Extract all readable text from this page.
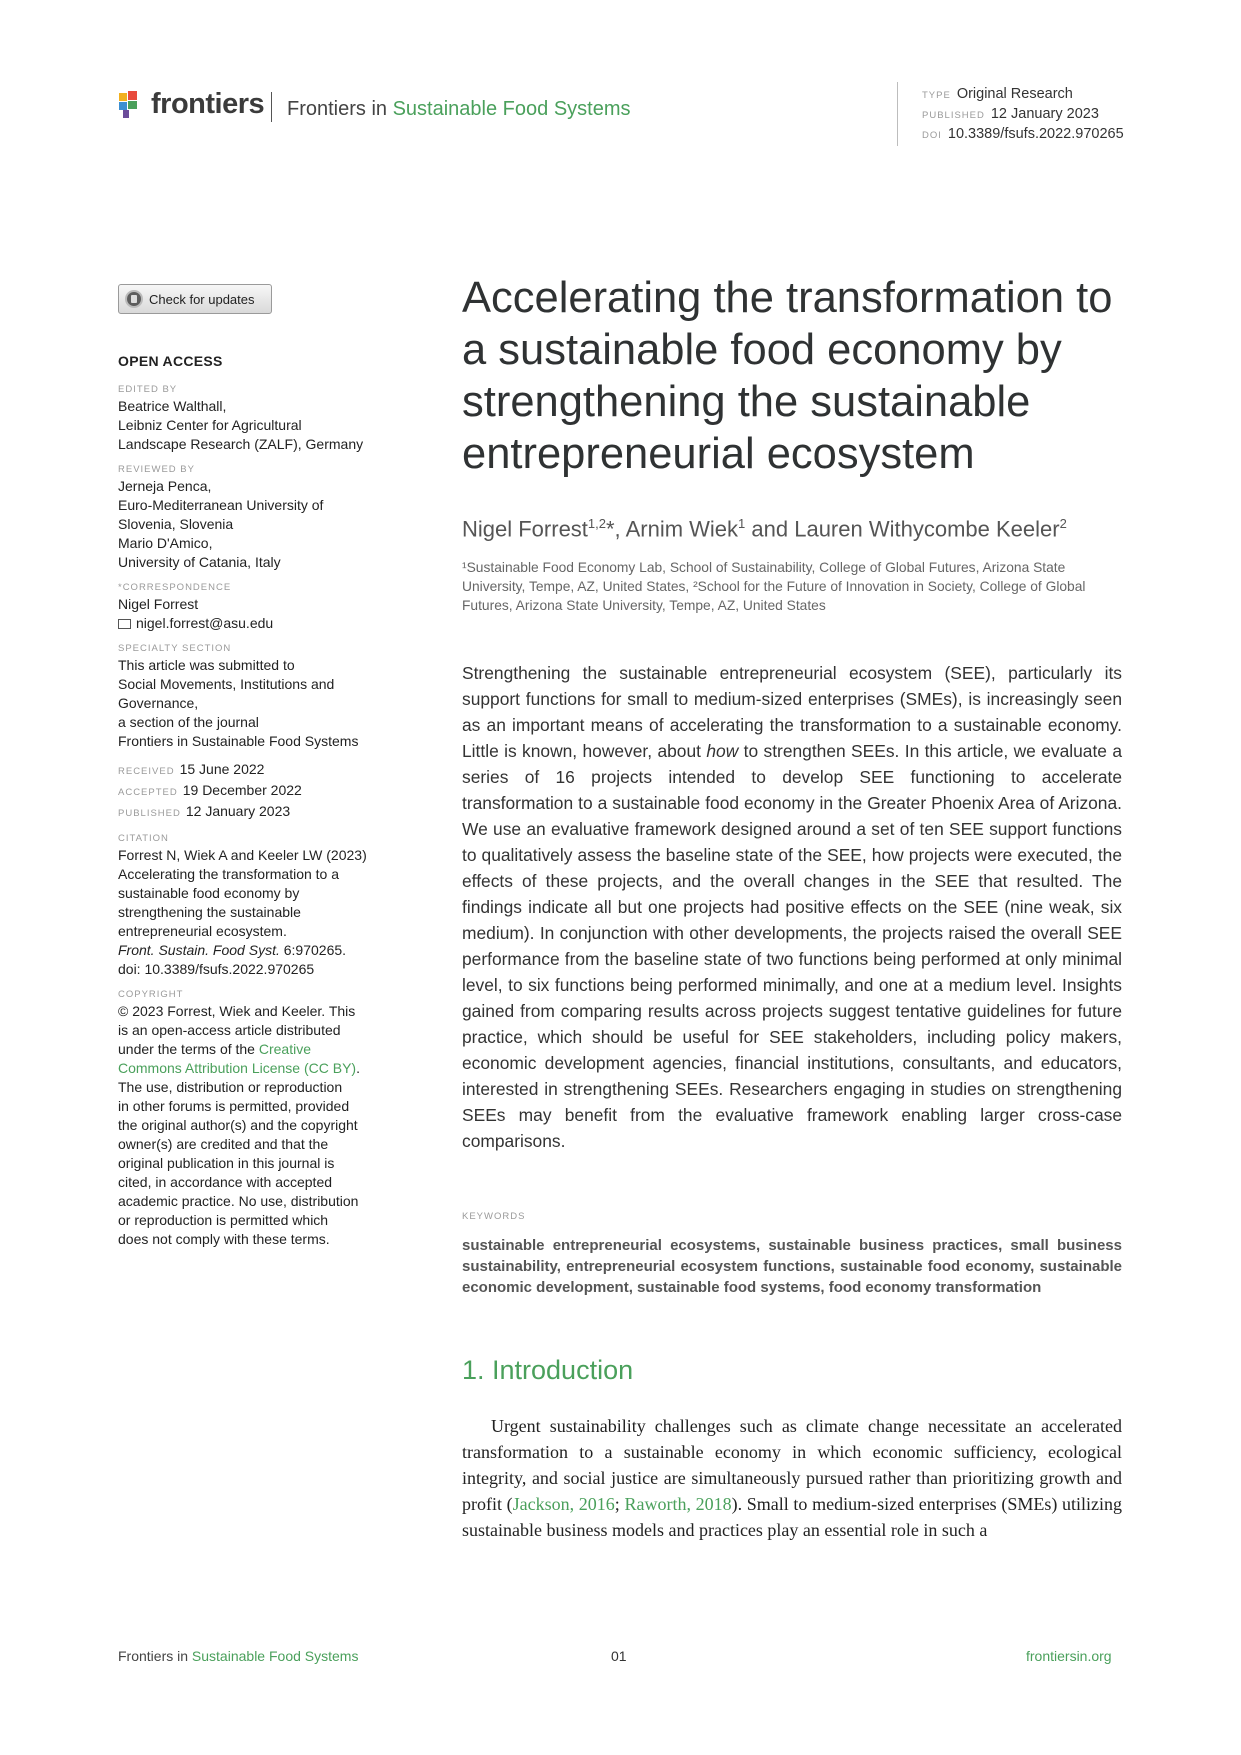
frontiers Frontiers in Sustainable Food Systems
TYPE Original Research
PUBLISHED 12 January 2023
DOI 10.3389/fsufs.2022.970265
Check for updates
OPEN ACCESS
EDITED BY
Beatrice Walthall,
Leibniz Center for Agricultural
Landscape Research (ZALF), Germany
REVIEWED BY
Jerneja Penca,
Euro-Mediterranean University of
Slovenia, Slovenia
Mario D'Amico,
University of Catania, Italy
*CORRESPONDENCE
Nigel Forrest
nigel.forrest@asu.edu
SPECIALTY SECTION
This article was submitted to
Social Movements, Institutions and
Governance,
a section of the journal
Frontiers in Sustainable Food Systems
RECEIVED 15 June 2022
ACCEPTED 19 December 2022
PUBLISHED 12 January 2023
CITATION
Forrest N, Wiek A and Keeler LW (2023)
Accelerating the transformation to a
sustainable food economy by
strengthening the sustainable
entrepreneurial ecosystem.
Front. Sustain. Food Syst. 6:970265.
doi: 10.3389/fsufs.2022.970265
COPYRIGHT
© 2023 Forrest, Wiek and Keeler. This
is an open-access article distributed
under the terms of the Creative
Commons Attribution License (CC BY).
The use, distribution or reproduction
in other forums is permitted, provided
the original author(s) and the copyright
owner(s) are credited and that the
original publication in this journal is
cited, in accordance with accepted
academic practice. No use, distribution
or reproduction is permitted which
does not comply with these terms.
Accelerating the transformation to a sustainable food economy by strengthening the sustainable entrepreneurial ecosystem
Nigel Forrest$^{1,2}$*, Arnim Wiek$^1$ and Lauren Withycombe Keeler$^2$
¹Sustainable Food Economy Lab, School of Sustainability, College of Global Futures, Arizona State University, Tempe, AZ, United States, ²School for the Future of Innovation in Society, College of Global Futures, Arizona State University, Tempe, AZ, United States
Strengthening the sustainable entrepreneurial ecosystem (SEE), particularly its support functions for small to medium-sized enterprises (SMEs), is increasingly seen as an important means of accelerating the transformation to a sustainable economy. Little is known, however, about how to strengthen SEEs. In this article, we evaluate a series of 16 projects intended to develop SEE functioning to accelerate transformation to a sustainable food economy in the Greater Phoenix Area of Arizona. We use an evaluative framework designed around a set of ten SEE support functions to qualitatively assess the baseline state of the SEE, how projects were executed, the effects of these projects, and the overall changes in the SEE that resulted. The findings indicate all but one projects had positive effects on the SEE (nine weak, six medium). In conjunction with other developments, the projects raised the overall SEE performance from the baseline state of two functions being performed at only minimal level, to six functions being performed minimally, and one at a medium level. Insights gained from comparing results across projects suggest tentative guidelines for future practice, which should be useful for SEE stakeholders, including policy makers, economic development agencies, financial institutions, consultants, and educators, interested in strengthening SEEs. Researchers engaging in studies on strengthening SEEs may benefit from the evaluative framework enabling larger cross-case comparisons.
KEYWORDS
sustainable entrepreneurial ecosystems, sustainable business practices, small business sustainability, entrepreneurial ecosystem functions, sustainable food economy, sustainable economic development, sustainable food systems, food economy transformation
1. Introduction
Urgent sustainability challenges such as climate change necessitate an accelerated transformation to a sustainable economy in which economic sufficiency, ecological integrity, and social justice are simultaneously pursued rather than prioritizing growth and profit (Jackson, 2016; Raworth, 2018). Small to medium-sized enterprises (SMEs) utilizing sustainable business models and practices play an essential role in such a
Frontiers in Sustainable Food Systems	01	frontiersin.org
